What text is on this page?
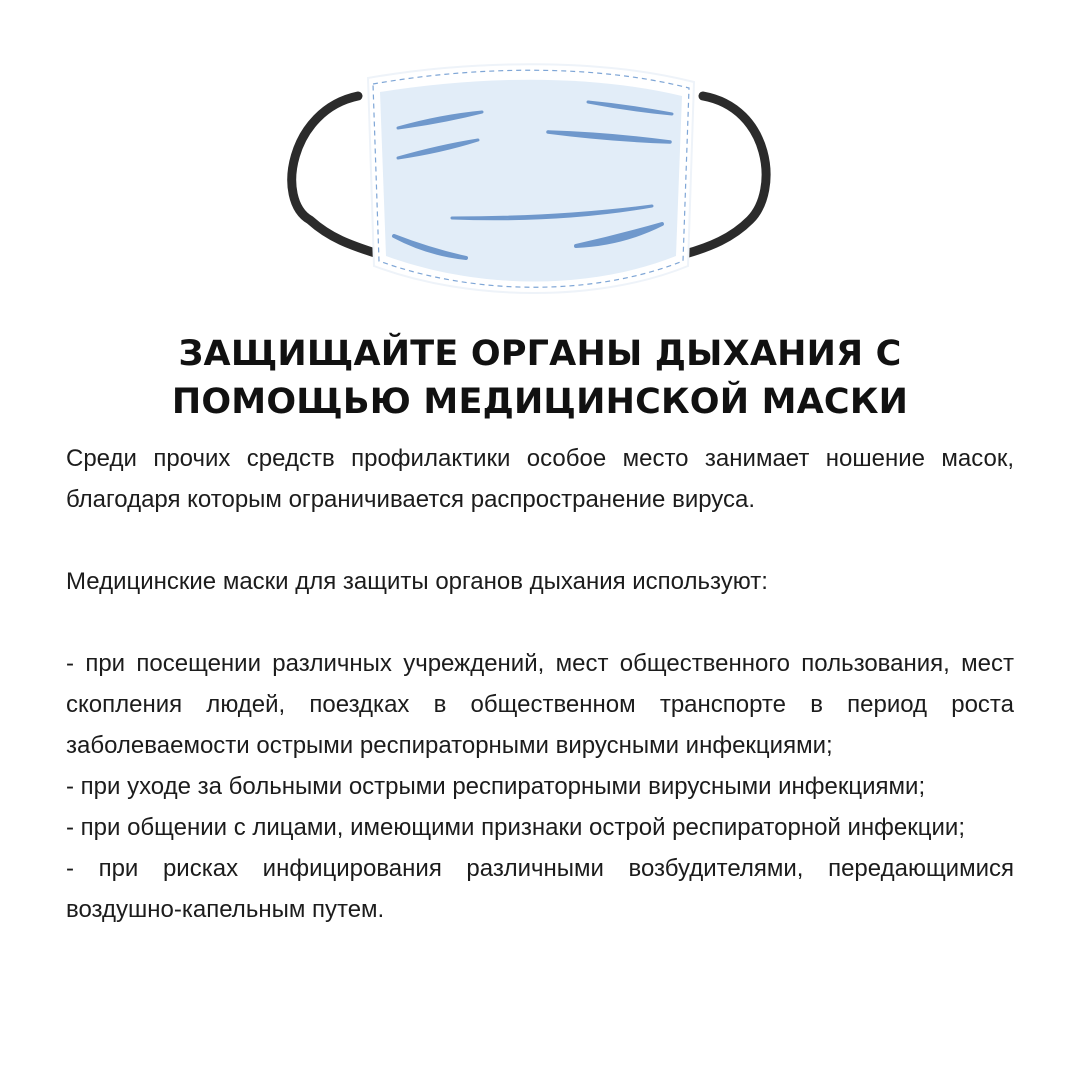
ЗАЩИЩАЙТЕ ОРГАНЫ ДЫХАНИЯ С ПОМОЩЬЮ МЕДИЦИНСКОЙ МАСКИ

Среди прочих средств профилактики особое место занимает ношение масок, благодаря которым ограничивается распространение вируса.

Медицинские маски для защиты органов дыхания используют:

- при посещении различных учреждений, мест общественного пользования, мест скопления людей, поездках в общественном транспорте в период роста заболеваемости острыми респираторными вирусными инфекциями;

- при уходе за больными острыми респираторными вирусными инфекциями;

- при общении с лицами, имеющими признаки острой респираторной инфекции;

- при рисках инфицирования различными возбудителями, передающимися воздушно-капельным путем.
